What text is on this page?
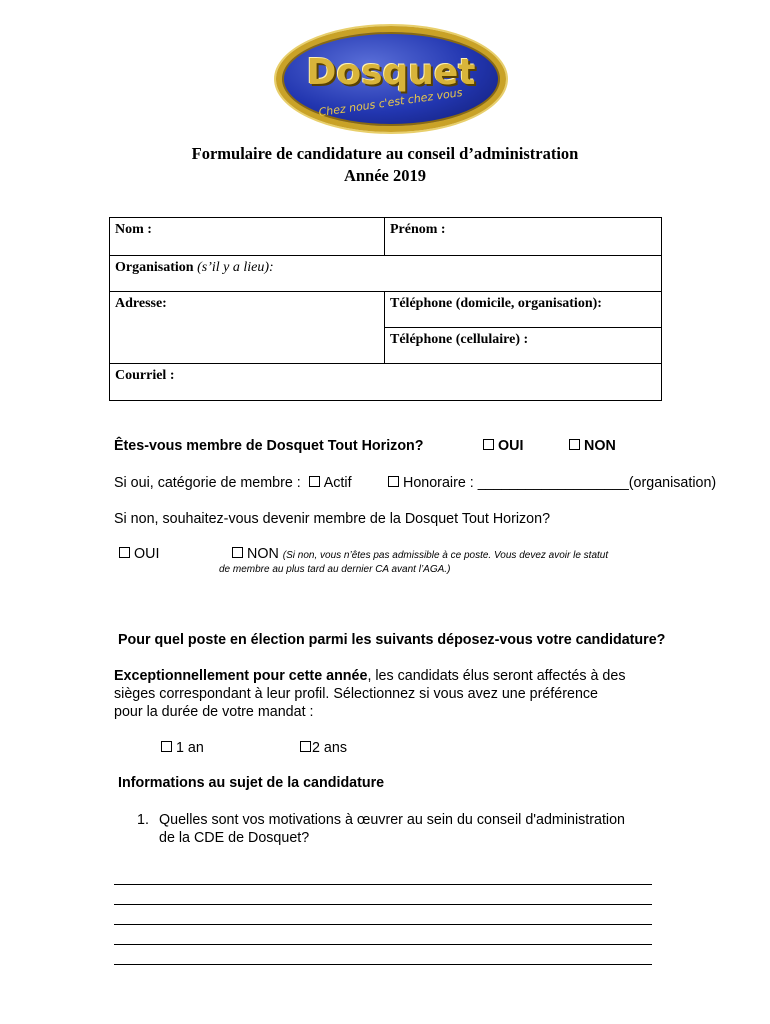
Dosquet
Chez nous c'est chez vous
Formulaire de candidature au conseil d’administration
Année 2019
Nom :	Prénom :
Organisation (s’il y a lieu):	
Adresse:	Téléphone (domicile, organisation):
	Téléphone (cellulaire) :
Courriel :	
Êtes-vous membre de Dosquet Tout Horizon?	OUI	NON
Si oui, catégorie de membre : Actif	Honoraire : ___________________(organisation)
Si non, souhaitez-vous devenir membre de la Dosquet Tout Horizon?
OUI	NON (Si non, vous n’êtes pas admissible à ce poste. Vous devez avoir le statut
de membre au plus tard au dernier CA avant l’AGA.)
Pour quel poste en élection parmi les suivants déposez-vous votre candidature?
Exceptionnellement pour cette année, les candidats élus seront affectés à des
sièges correspondant à leur profil. Sélectionnez si vous avez une préférence
pour la durée de votre mandat :
1 an	2 ans
Informations au sujet de la candidature
1. Quelles sont vos motivations à œuvrer au sein du conseil d'administration
de la CDE de Dosquet?
